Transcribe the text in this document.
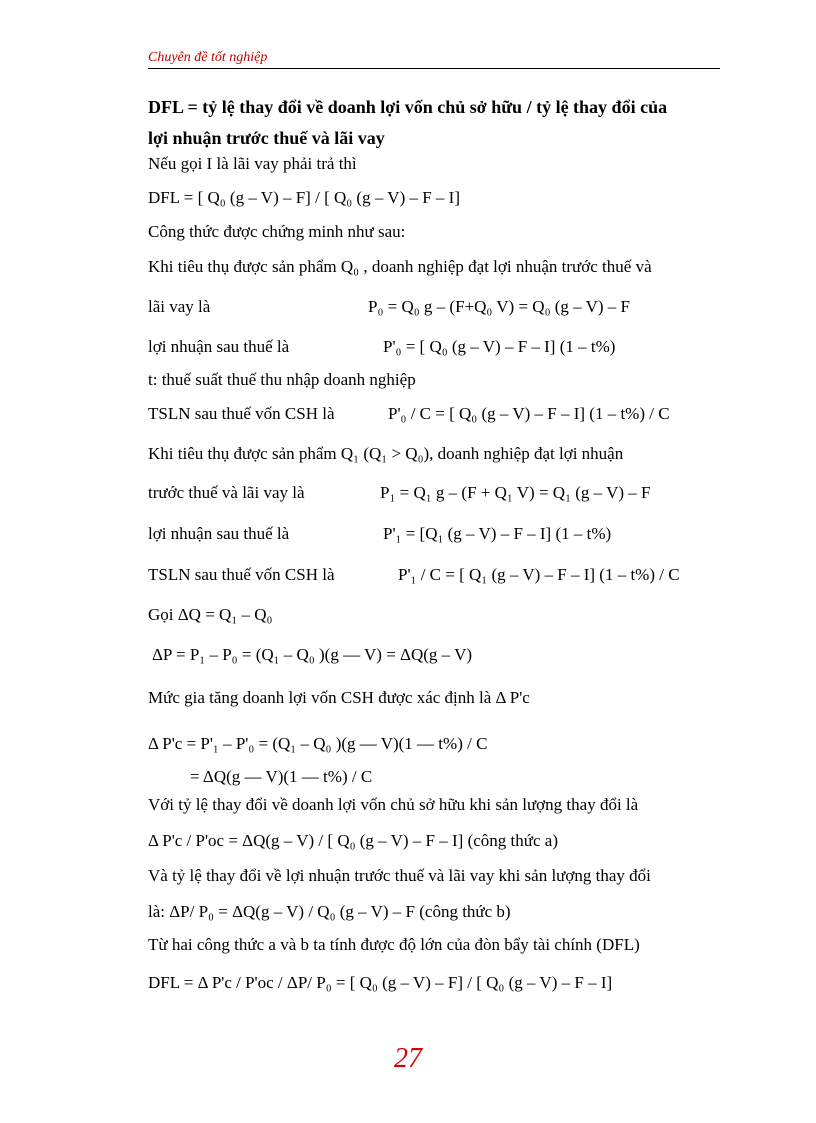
Chuyên đề tốt nghiệp
DFL = tỷ lệ thay đổi về doanh lợi vốn chủ sở hữu / tỷ lệ thay đổi của
lợi nhuận trước thuế và lãi vay
Nếu gọi I là lãi vay phải trả thì
DFL = [ Q₀ (g – V) – F] / [ Q₀ (g – V) – F – I]
Công thức được chứng minh như sau:
Khi tiêu thụ được sản phẩm Q₀ , doanh nghiệp đạt lợi nhuận trước thuế và
lãi vay là	P₀ = Q₀ g – (F+Q₀ V) = Q₀ (g – V) – F
lợi nhuận sau thuế là	P'₀ = [ Q₀ (g – V) – F – I] (1 – t%)
t: thuế suất thuế thu nhập doanh nghiệp
TSLN sau thuế vốn CSH là	P'₀ / C = [ Q₀ (g – V) – F – I] (1 – t%) / C
Khi tiêu thụ được sản phẩm Q₁ (Q₁ > Q₀), doanh nghiệp đạt lợi nhuận
trước thuế và lãi vay là	P₁ = Q₁ g – (F + Q₁ V) = Q₁ (g – V) – F
lợi nhuận sau thuế là	P'₁ = [Q₁ (g – V) – F – I] (1 – t%)
TSLN sau thuế vốn CSH là	P'₁ / C = [ Q₁ (g – V) – F – I] (1 – t%) / C
Gọi ΔQ = Q₁ – Q₀
ΔP = P₁ – P₀ = (Q₁ – Q₀ )(g — V) = ΔQ(g – V)
Mức gia tăng doanh lợi vốn CSH được xác định là Δ P'c
Δ P'c = P'₁ – P'₀ = (Q₁ – Q₀ )(g — V)(1 — t%) / C
= ΔQ(g — V)(1 — t%) / C
Với tỷ lệ thay đổi về doanh lợi vốn chủ sở hữu khi sản lượng thay đổi là
Δ P'c / P'oc = ΔQ(g – V) / [ Q₀ (g – V) – F – I] (công thức a)
Và tỷ lệ thay đổi về lợi nhuận trước thuế và lãi vay khi sản lượng thay đổi
là: ΔP/ P₀ = ΔQ(g – V) / Q₀ (g – V) – F (công thức b)
Từ hai công thức a và b ta tính được độ lớn của đòn bẩy tài chính (DFL)
DFL = Δ P'c / P'oc / ΔP/ P₀ = [ Q₀ (g – V) – F] / [ Q₀ (g – V) – F – I]
27
